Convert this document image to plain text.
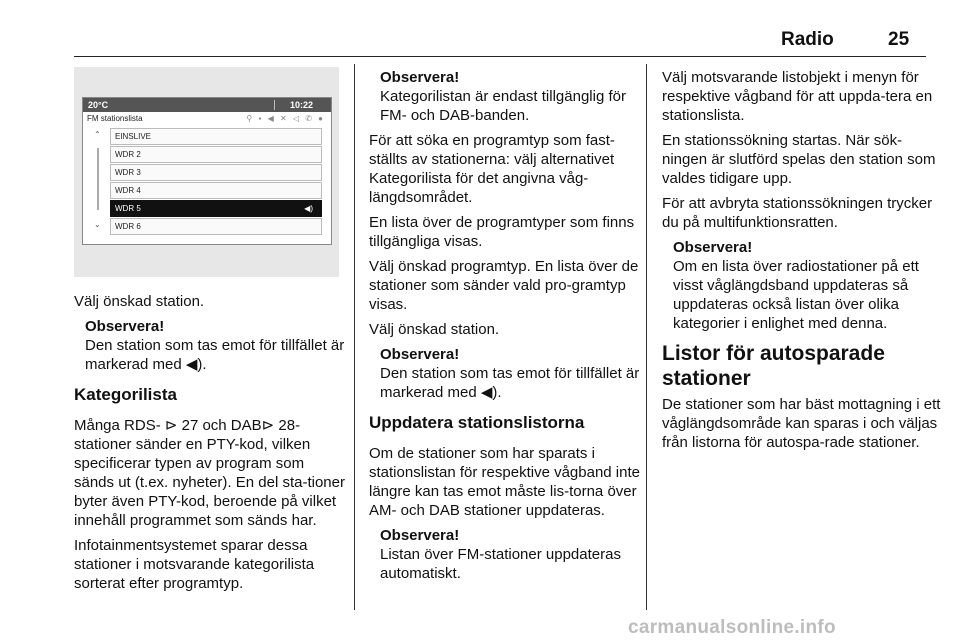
Radio	25
20°C	10:22
FM stationslista	⚲ ▪ ◀ ✕ ◁ ✆ ●
⌃
⌄
EINSLIVE
WDR 2
WDR 3
WDR 4
WDR 5	◀)
WDR 6

Välj önskad station.

Observera!
Den station som tas emot för tillfället är markerad med ◀).
Kategorilista

Många RDS- ⊳ 27 och DAB⊳ 28-stationer sänder en PTY-kod, vilken specificerar typen av program som sänds ut (t.ex. nyheter). En del sta-tioner byter även PTY-kod, beroende på vilket innehåll programmet som sänds har.

Infotainmentsystemet sparar dessa stationer i motsvarande kategorilista sorterat efter programtyp.

Observera!
Kategorilistan är endast tillgänglig för FM- och DAB-banden.

För att söka en programtyp som fast-ställts av stationerna: välj alternativet Kategorilista för det angivna våg-längdsområdet.

En lista över de programtyper som finns tillgängliga visas.

Välj önskad programtyp. En lista över de stationer som sänder vald pro-gramtyp visas.

Välj önskad station.

Observera!
Den station som tas emot för tillfället är markerad med ◀).
Uppdatera stationslistorna

Om de stationer som har sparats i stationslistan för respektive vågband inte längre kan tas emot måste lis-torna över AM- och DAB stationer uppdateras.

Observera!
Listan över FM-stationer uppdateras automatiskt.

Välj motsvarande listobjekt i menyn för respektive vågband för att uppda-tera en stationslista.

En stationssökning startas. När sök-ningen är slutförd spelas den station som valdes tidigare upp.

För att avbryta stationssökningen trycker du på multifunktionsratten.

Observera!
Om en lista över radiostationer på ett visst våglängdsband uppdateras så uppdateras också listan över olika kategorier i enlighet med denna.
Listor för autosparade stationer

De stationer som har bäst mottagning i ett våglängdsområde kan sparas i och väljas från listorna för autospa-rade stationer.

carmanualsonline.info
